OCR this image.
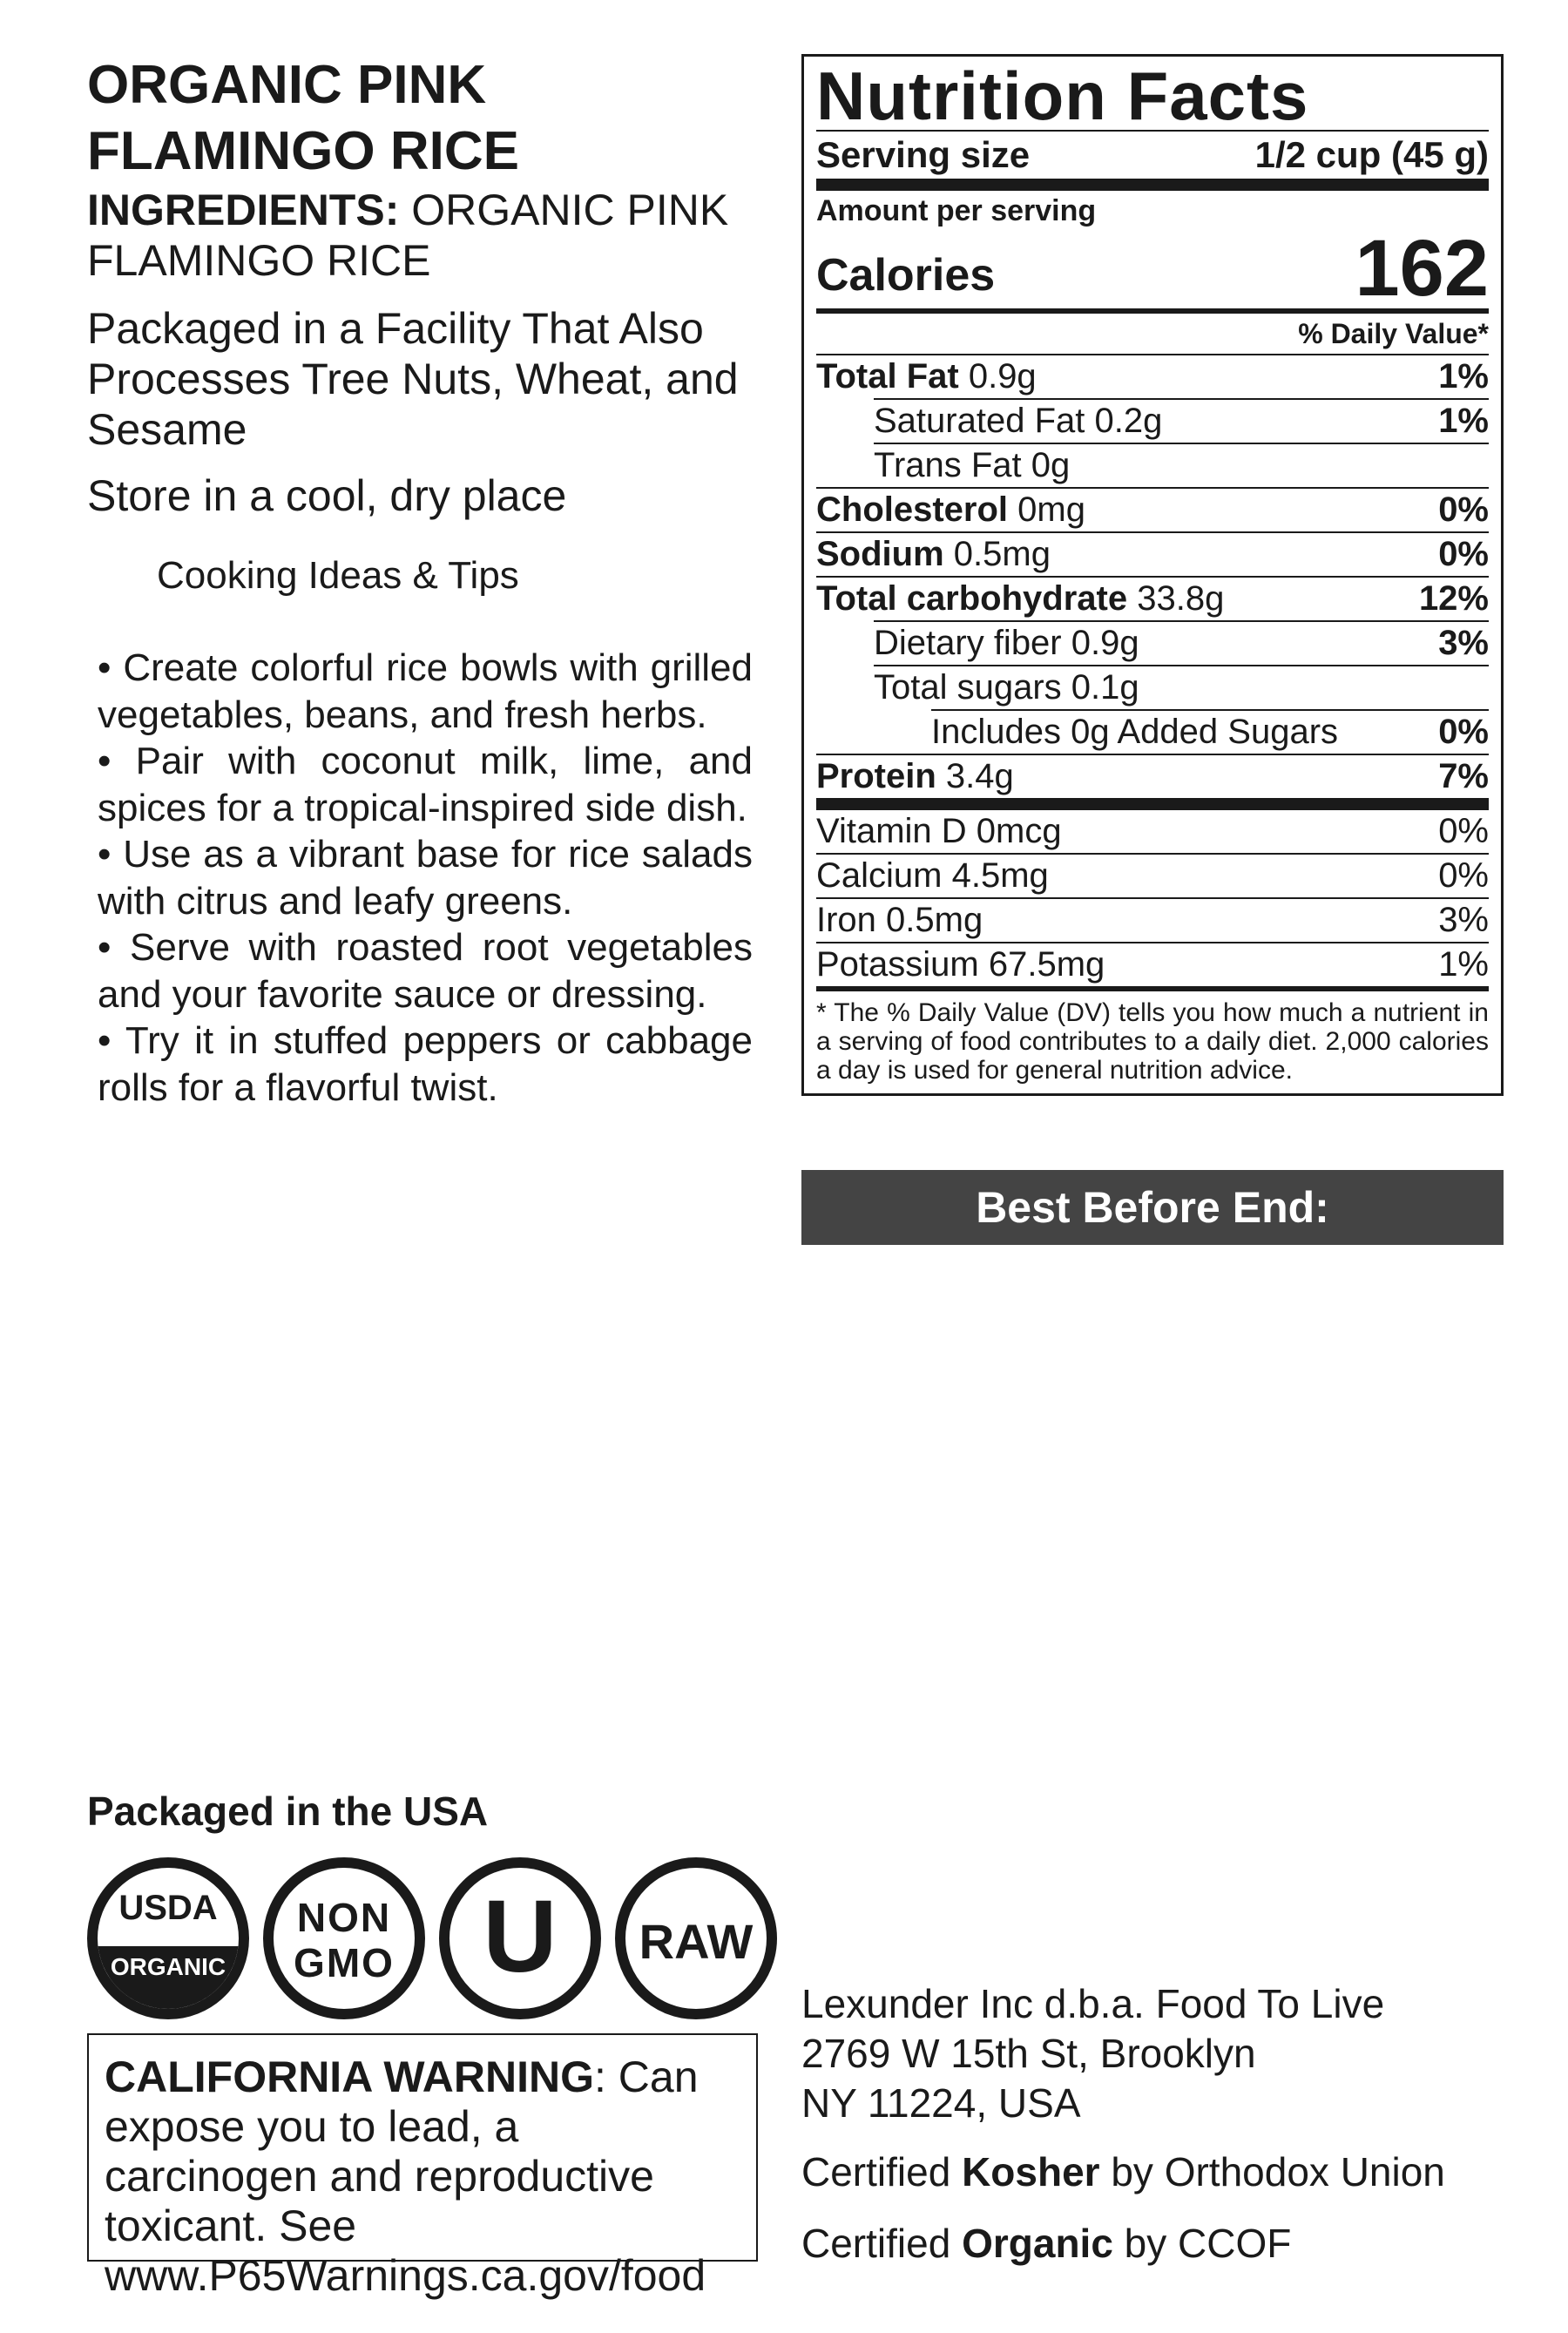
ORGANIC PINK
FLAMINGO RICE
INGREDIENTS: ORGANIC PINK FLAMINGO RICE
Packaged in a Facility That Also Processes Tree Nuts, Wheat, and Sesame
Store in a cool, dry place
Cooking Ideas & Tips

• Create colorful rice bowls with grilled vegetables, beans, and fresh herbs.

• Pair with coconut milk, lime, and spices for a tropical-inspired side dish.

• Use as a vibrant base for rice salads with citrus and leafy greens.

• Serve with roasted root vegetables and your favorite sauce or dressing.

• Try it in stuffed peppers or cabbage rolls for a flavorful twist.

Nutrition Facts
Serving size	1/2 cup (45 g)
Amount per serving
Calories	162
% Daily Value*
Total Fat 0.9g	1%
Saturated Fat 0.2g	1%
Trans Fat 0g
Cholesterol 0mg	0%
Sodium 0.5mg	0%
Total carbohydrate 33.8g	12%
Dietary fiber 0.9g	3%
Total sugars 0.1g
Includes 0g Added Sugars	0%
Protein 3.4g	7%
Vitamin D 0mcg	0%
Calcium 4.5mg	0%
Iron 0.5mg	3%
Potassium 67.5mg	1%
* The % Daily Value (DV) tells you how much a nutrient in a serving of food contributes to a daily diet. 2,000 calories a day is used for general nutrition advice.
Best Before End:
Packaged in the USA
USDA
ORGANIC
NON
GMO U	RAW
CALIFORNIA WARNING: Can expose you to lead, a carcinogen and reproductive toxicant. See www.P65Warnings.ca.gov/food
Lexunder Inc d.b.a. Food To Live
2769 W 15th St, Brooklyn
NY 11224, USA
Certified Kosher by Orthodox Union
Certified Organic by CCOF
